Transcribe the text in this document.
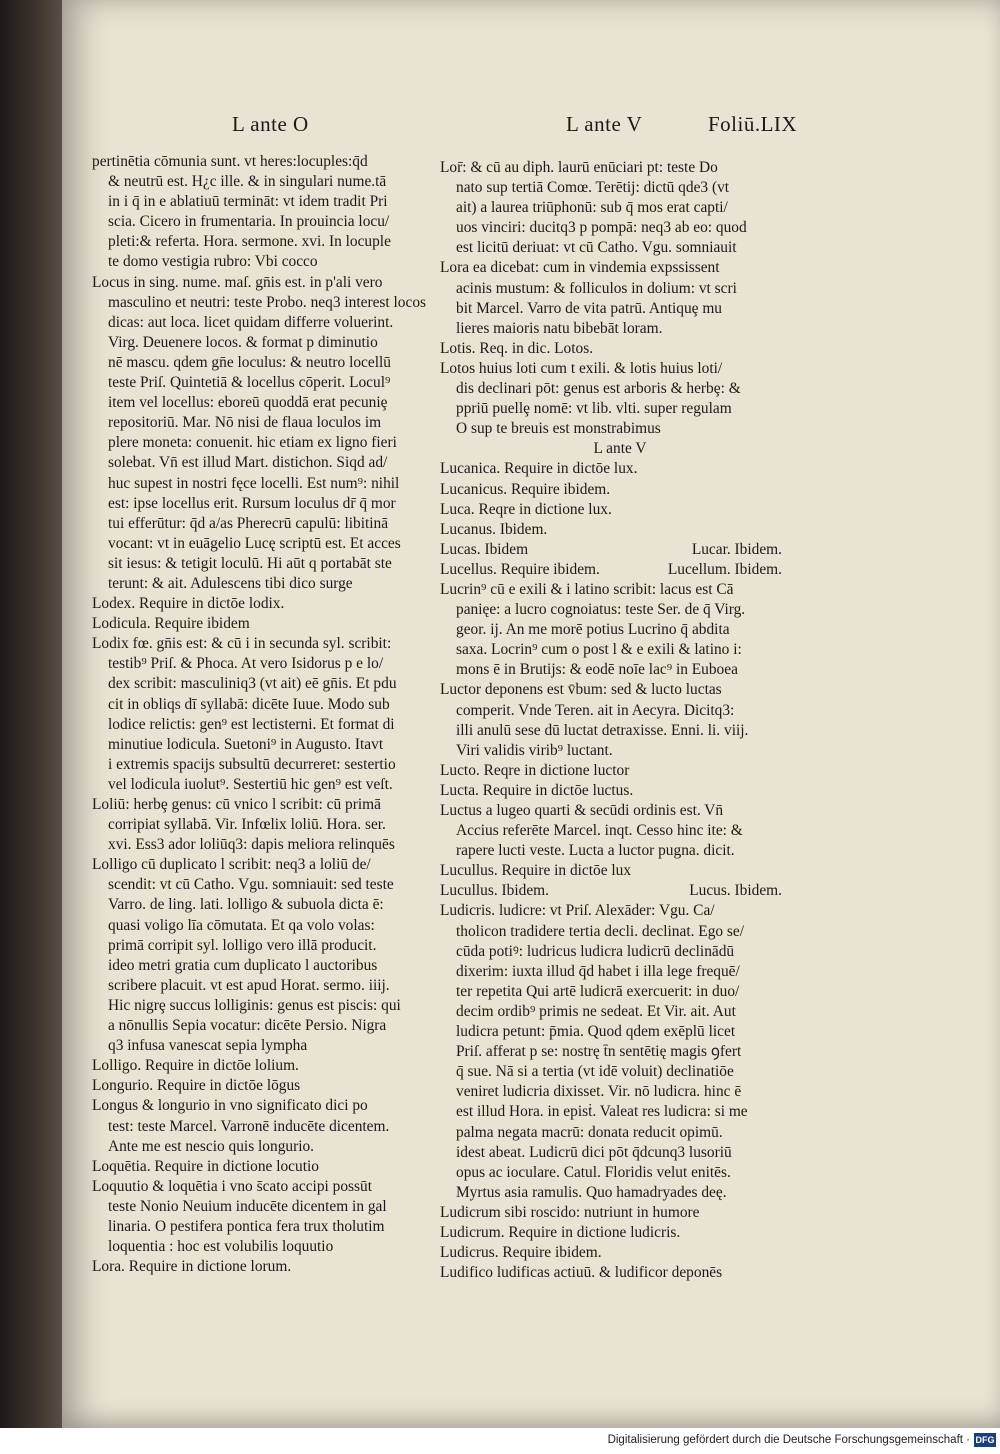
L ante O	L ante V	Foliū.LIX
pertinētia cōmunia sunt. vt heres:locuples:q̄d
& neutrū est. H¿c ille. & in singulari nume.tā
in i q̄ in e ablatiuū termināt: vt idem tradit Pri
scia. Cicero in frumentaria. In prouincia locu/
pleti:& referta. Hora. sermone. xvi. In locuple
te domo vestigia rubro: Vbi cocco
Locus in sing. nume. maſ. gn̄is est. in p'ali vero
masculino et neutri: teste Probo. neq3 interest locos
dicas: aut loca. licet quidam differre voluerint.
Virg. Deuenere locos. & format p diminutio
nē mascu. qdem gn̄e loculus: & neutro locellū
teste Priſ. Quintetiā & locellus cōperit. Locul⁹
item vel locellus: eboreū quoddā erat pecuniȩ
repositoriū. Mar. Nō nisi de flaua loculos im
plere moneta: conuenit. hic etiam ex ligno fieri
solebat. Vn̄ est illud Mart. distichon. Siqd ad/
huc supest in nostri fęce locelli. Est num⁹: nihil
est: ipse locellus erit. Rursum loculus dr̄ q̄ mor
tui efferūtur: q̄d a/as Pherecrū capulū: libitinā
vocant: vt in euāgelio Lucę scriptū est. Et acces
sit iesus: & tetigit loculū. Hi aūt q portabāt ste
terunt: & ait. Adulescens tibi dico surge
Lodex. Require in dictōe lodix.
Lodicula. Require ibidem
Lodix fœ. gn̄is est: & cū i in secunda syl. scribit:
testib⁹ Priſ. & Phoca. At vero Isidorus p e lo/
dex scribit: masculiniq3 (vt ait) eē gn̄is. Et pdu
cit in obliqs dī syllabā: dicēte Iuue. Modo sub
lodice relictis: gen⁹ est lectisterni. Et format di
minutiue lodicula. Suetoni⁹ in Augusto. Itavt
i extremis spacijs subsultū decurreret: sestertio
vel lodicula iuolut⁹. Sestertiū hic gen⁹ est veſt.
Loliū: herbȩ genus: cū vnico l scribit: cū primā
corripiat syllabā. Vir. Infœlix loliū. Hora. ser.
xvi. Ess3 ador loliūq3: dapis meliora relinquēs
Lolligo cū duplicato l scribit: neq3 a loliū de/
scendit: vt cū Catho. Vgu. somniauit: sed teste
Varro. de ling. lati. lolligo & subuola dicta ē:
quasi voligo līa cōmutata. Et qa volo volas:
primā corripit syl. lolligo vero illā producit.
ideo metri gratia cum duplicato l auctoribus
scribere placuit. vt est apud Horat. sermo. iiij.
Hic nigrȩ succus lolliginis: genus est piscis: qui
a nōnullis Sepia vocatur: dicēte Persio. Nigra
q3 infusa vanescat sepia lympha
Lolligo. Require in dictōe lolium.
Longurio. Require in dictōe lōgus
Longus & longurio in vno significato dici po
test: teste Marcel. Varronē inducēte dicentem.
Ante me est nescio quis longurio.
Loquētia. Require in dictione locutio
Loquutio & loquētia i vno s̄cato accipi possūt
teste Nonio Neuium inducēte dicentem in gal
linaria. O pestifera pontica fera trux tholutim
loquentia : hoc est volubilis loquutio
Lora. Require in dictione lorum.
Lor̄: & cū au diph. laurū enūciari pt: teste Do
nato sup tertiā Comœ. Terētij: dictū qde3 (vt
ait) a laurea triūphonū: sub q̄ mos erat capti/
uos vinciri: ducitq3 p pompā: neq3 ab eo: quod
est licitū deriuat: vt cū Catho. Vgu. somniauit
Lora ea dicebat: cum in vindemia expssissent
acinis mustum: & folliculos in dolium: vt scri
bit Marcel. Varro de vita patrū. Antiquȩ mu
lieres maioris natu bibebāt loram.
Lotis. Req. in dic. Lotos.
Lotos huius loti cum t exili. & lotis huius loti/
dis declinari pōt: genus est arboris & herbȩ: &
ppriū puellȩ nomē: vt lib. vlti. super regulam
O sup te breuis est monstrabimus
L ante V
Lucanica. Require in dictōe lux.
Lucanicus. Require ibidem.
Luca. Reqre in dictione lux.
Lucanus. Ibidem.
Lucas. Ibidem	Lucar. Ibidem.
Lucellus. Require ibidem.	Lucellum. Ibidem.
Lucrin⁹ cū e exili & i latino scribit: lacus est Cā
panięe: a lucro cognoiatus: teste Ser. de q̄ Virg.
geor. ij. An me morē potius Lucrino q̄ abdita
saxa. Locrin⁹ cum o post l & e exili & latino i:
mons ē in Brutijs: & eodē noīe lac⁹ in Euboea
Luctor deponens est v̄bum: sed & lucto luctas
comperit. Vnde Teren. ait in Aecyra. Dicitq3:
illi anulū sese dū luctat detraxisse. Enni. li. viij.
Viri validis virib⁹ luctant.
Lucto. Reqre in dictione luctor
Lucta. Require in dictōe luctus.
Luctus a lugeo quarti & secūdi ordinis est. Vn̄
Accius referēte Marcel. inqt. Cesso hinc ite: &
rapere lucti veste. Lucta a luctor pugna. dicit.
Lucullus. Require in dictōe lux
Lucullus. Ibidem.	Lucus. Ibidem.
Ludicris. ludicre: vt Priſ. Alexāder: Vgu. Ca/
tholicon tradidere tertia decli. declinat. Ego se/
cūda potiꝰ: ludricus ludicra ludicrū declinādū
dixerim: iuxta illud q̄d habet i illa lege frequē/
ter repetita Qui artē ludicrā exercuerit: in duo/
decim ordib⁹ primis ne sedeat. Et Vir. ait. Aut
ludicra petunt: p̄mia. Quod qdem exēplū licet
Priſ. afferat p se: nostrę t̄n sentētię magis ꝯfert
q̄ sue. Nā si a tertia (vt idē voluit) declinatiōe
veniret ludicria dixisset. Vir. nō ludicra. hinc ē
est illud Hora. in episṫ. Valeat res ludicra: si me
palma negata macrū: donata reducit opimū.
idest abeat. Ludicrū dici pōt q̄dcunq3 lusoriū
opus ac ioculare. Catul. Floridis velut enitēs.
Myrtus asia ramulis. Quo hamadryades deę.
Ludicrum sibi roscido: nutriunt in humore
Ludicrum. Require in dictione ludicris.
Ludicrus. Require ibidem.
Ludifico ludificas actiuū. & ludificor deponēs
Digitalisierung gefördert durch die Deutsche Forschungsgemeinschaft · DFG
